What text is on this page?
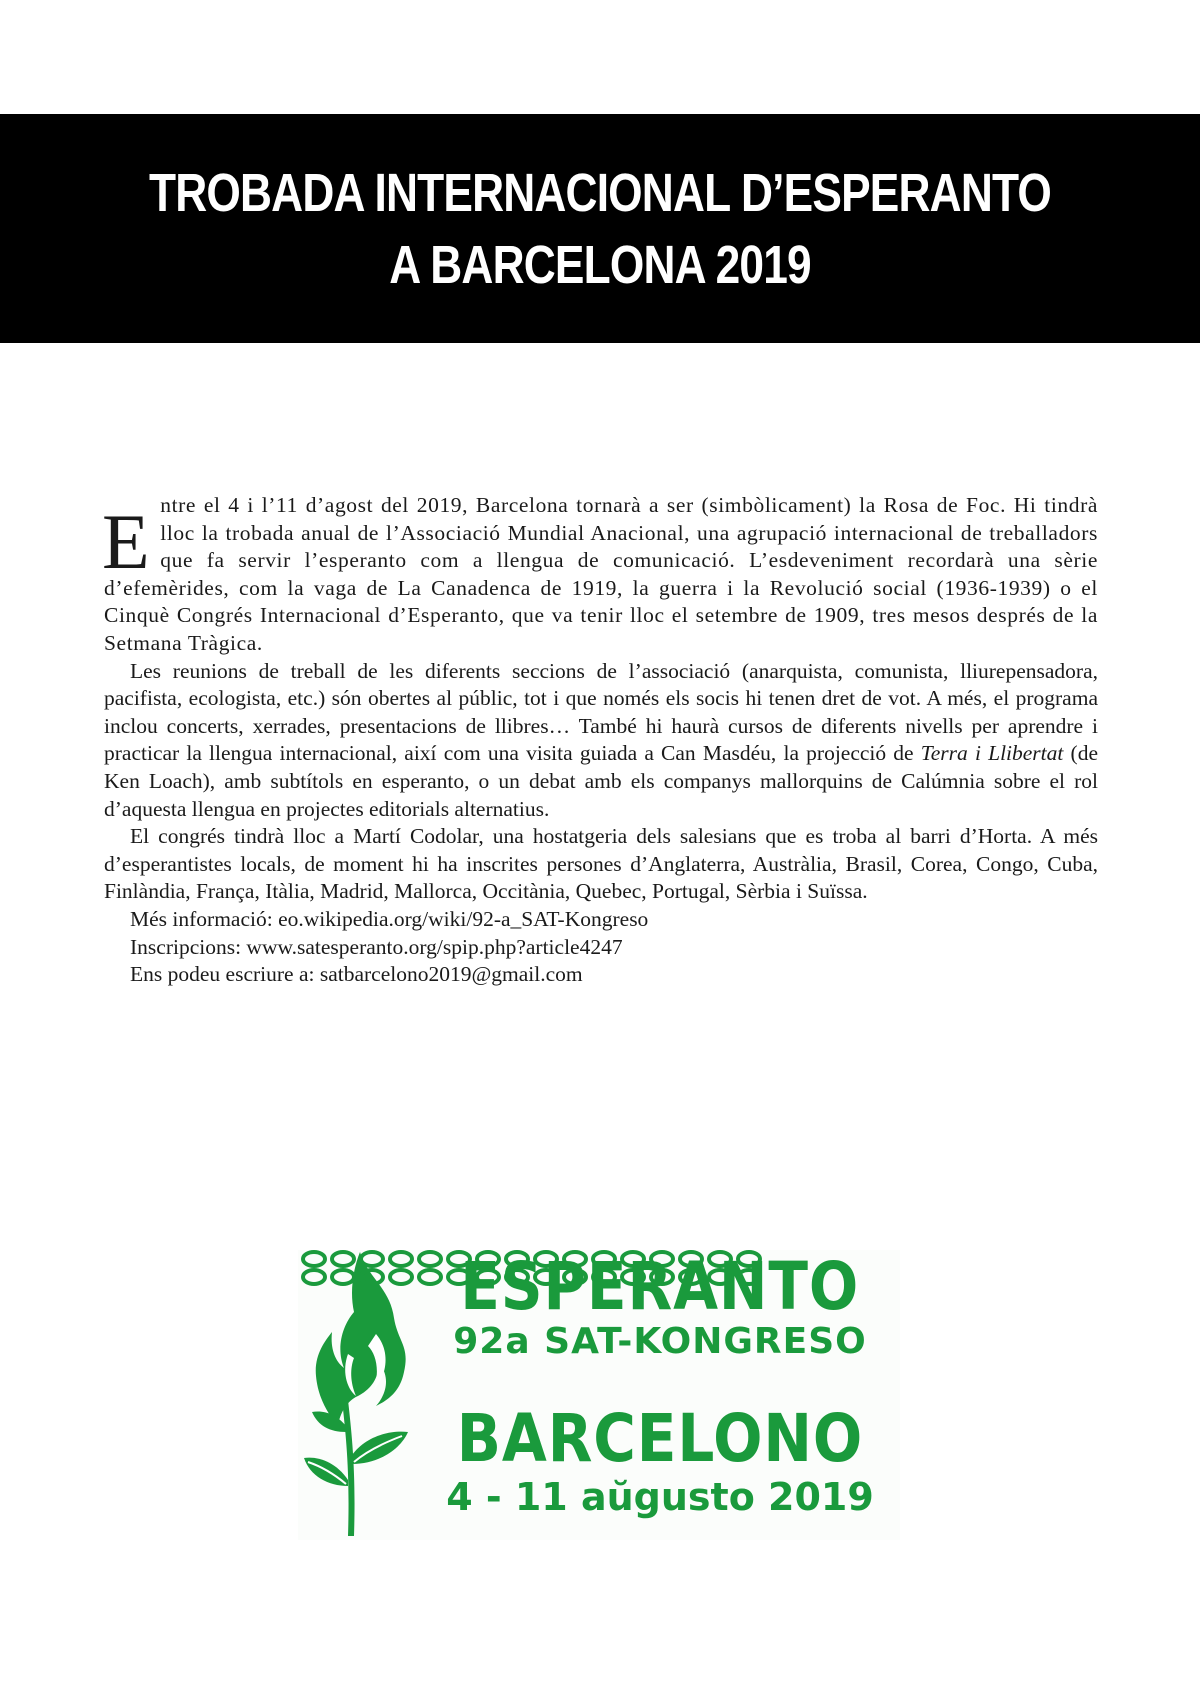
TROBADA INTERNACIONAL D’ESPERANTO
A BARCELONA 2019

Entre el 4 i l’11 d’agost del 2019, Barcelona tornarà a ser (simbòlicament) la Rosa de Foc. Hi tindrà lloc la trobada anual de l’Associació Mundial Anacional, una agrupació internacional de treballadors que fa servir l’esperanto com a llengua de comunicació. L’esdeveniment recordarà una sèrie d’efemèrides, com la vaga de La Canadenca de 1919, la guerra i la Revolució social (1936-1939) o el Cinquè Congrés Internacional d’Esperanto, que va tenir lloc el setembre de 1909, tres mesos després de la Setmana Tràgica.

Les reunions de treball de les diferents seccions de l’associació (anarquista, comunista, lliurepensadora, pacifista, ecologista, etc.) són obertes al públic, tot i que només els socis hi tenen dret de vot. A més, el programa inclou concerts, xerrades, presentacions de llibres… També hi haurà cursos de diferents nivells per aprendre i practicar la llengua internacional, així com una visita guiada a Can Masdéu, la projecció de Terra i Llibertat (de Ken Loach), amb subtítols en esperanto, o un debat amb els companys mallorquins de Calúmnia sobre el rol d’aquesta llengua en projectes editorials alternatius.

El congrés tindrà lloc a Martí Codolar, una hostatgeria dels salesians que es troba al barri d’Horta. A més d’esperantistes locals, de moment hi ha inscrites persones d’Anglaterra, Austràlia, Brasil, Corea, Congo, Cuba, Finlàndia, França, Itàlia, Madrid, Mallorca, Occitània, Quebec, Portugal, Sèrbia i Suïssa.

Més informació: eo.wikipedia.org/wiki/92-a_SAT-Kongreso
Inscripcions: www.satesperanto.org/spip.php?article4247
Ens podeu escriure a: satbarcelono2019@gmail.com
ESPERANTO
92a SAT-KONGRESO
BARCELONO
4 - 11 aŭgusto 2019
